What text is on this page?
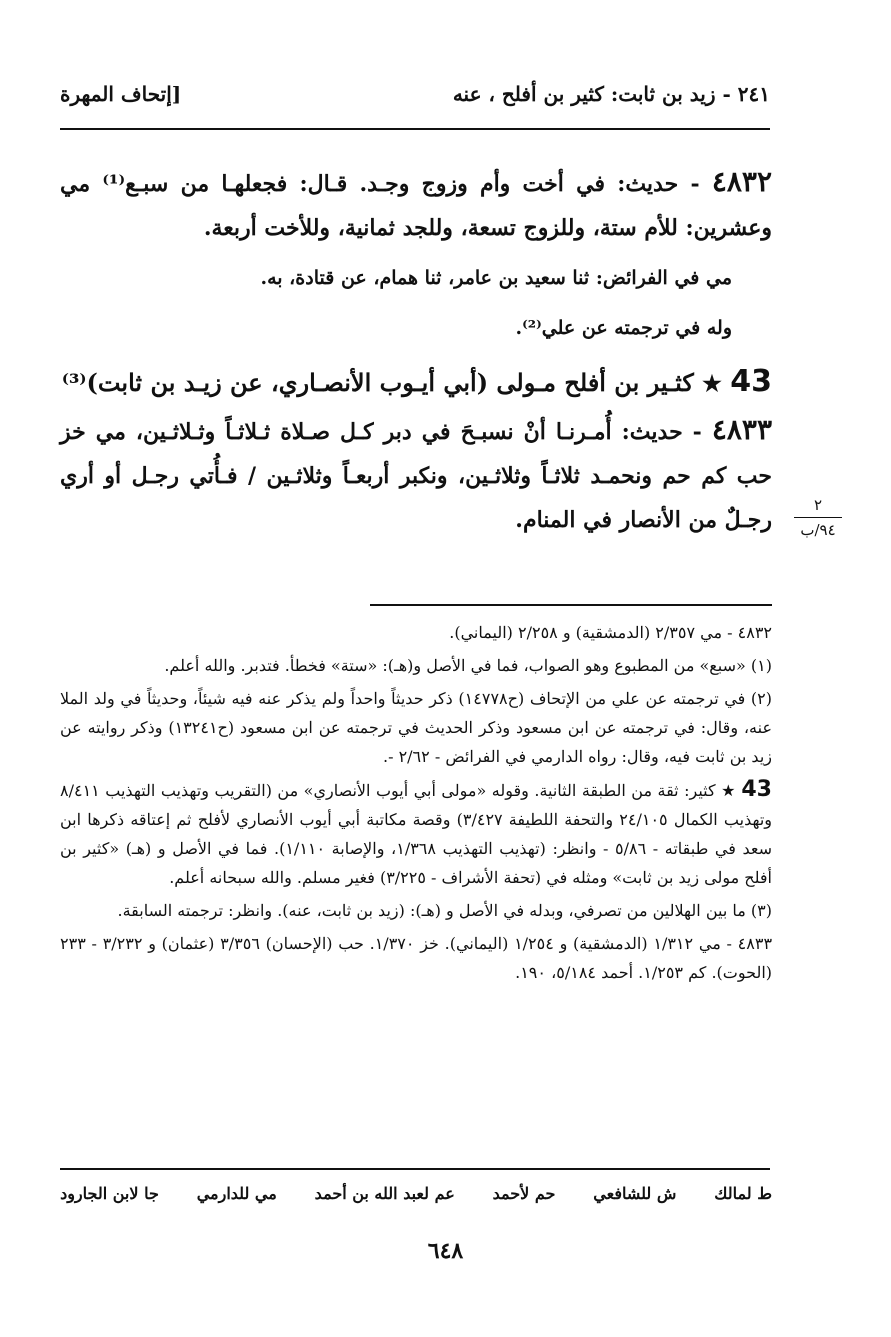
٢٤١ - زيد بن ثابت: كثير بن أفلح ، عنه
[إتحاف المهرة

٤٨٣٢ - حديث: في أخت وأم وزوج وجـد. قـال: فجعلهـا من سبـع⁽¹⁾ مي وعشرين: للأم ستة، وللزوج تسعة، وللجد ثمانية، وللأخت أربعة.

مي في الفرائض: ثنا سعيد بن عامر، ثنا همام، عن قتادة، به.

وله في ترجمته عن علي⁽²⁾.

43 ★ كثـير بن أفلح مـولى (أبي أيـوب الأنصـاري، عن زيـد بن ثابت)⁽³⁾

٤٨٣٣ - حديث: أُمـرنـا أنْ نسبـحَ في دبر كـل صـلاة ثـلاثـاً وثـلاثـين، مي خز حب كم حم ونحمـد ثلاثـاً وثلاثـين، ونكبر أربعـاً وثلاثـين / فـأُتي رجـل أو أري رجـلٌ من الأنصار في المنام.

٢
٩٤/ب

٤٨٣٢ - مي ٢/٣٥٧ (الدمشقية) و ٢/٢٥٨ (اليماني).

(١) «سبع» من المطبوع وهو الصواب، فما في الأصل و(هـ): «ستة» فخطأ. فتدبر. والله أعلم.

(٢) في ترجمته عن علي من الإتحاف (ح١٤٧٧٨) ذكر حديثاً واحداً ولم يذكر عنه فيه شيئاً، وحديثاً في ولد الملا عنه، وقال: في ترجمته عن ابن مسعود وذكر الحديث في ترجمته عن ابن مسعود (ح١٣٢٤١) وذكر روايته عن زيد بن ثابت فيه، وقال: رواه الدارمي في الفرائض - ٢/٦٢ -.

43 ★ كثير: ثقة من الطبقة الثانية. وقوله «مولى أبي أيوب الأنصاري» من (التقريب وتهذيب التهذيب ٨/٤١١ وتهذيب الكمال ٢٤/١٠٥ والتحفة اللطيفة ٣/٤٢٧) وقصة مكاتبة أبي أيوب الأنصاري لأفلح ثم إعتاقه ذكرها ابن سعد في طبقاته - ٥/٨٦ - وانظر: (تهذيب التهذيب ١/٣٦٨، والإصابة ١/١١٠). فما في الأصل و (هـ) «كثير بن أفلح مولى زيد بن ثابت» ومثله في (تحفة الأشراف - ٣/٢٢٥) فغير مسلم. والله سبحانه أعلم.

(٣) ما بين الهلالين من تصرفي، وبدله في الأصل و (هـ): (زيد بن ثابت، عنه). وانظر: ترجمته السابقة.

٤٨٣٣ - مي ١/٣١٢ (الدمشقية) و ١/٢٥٤ (اليماني). خز ١/٣٧٠. حب (الإحسان) ٣/٣٥٦ (عثمان) و ٣/٢٣٢ - ٢٣٣ (الحوت). كم ١/٢٥٣. أحمد ٥/١٨٤، ١٩٠.

ط لمالك
ش للشافعي
حم لأحمد
عم لعبد الله بن أحمد
مي للدارمي
جا لابن الجارود
٦٤٨
